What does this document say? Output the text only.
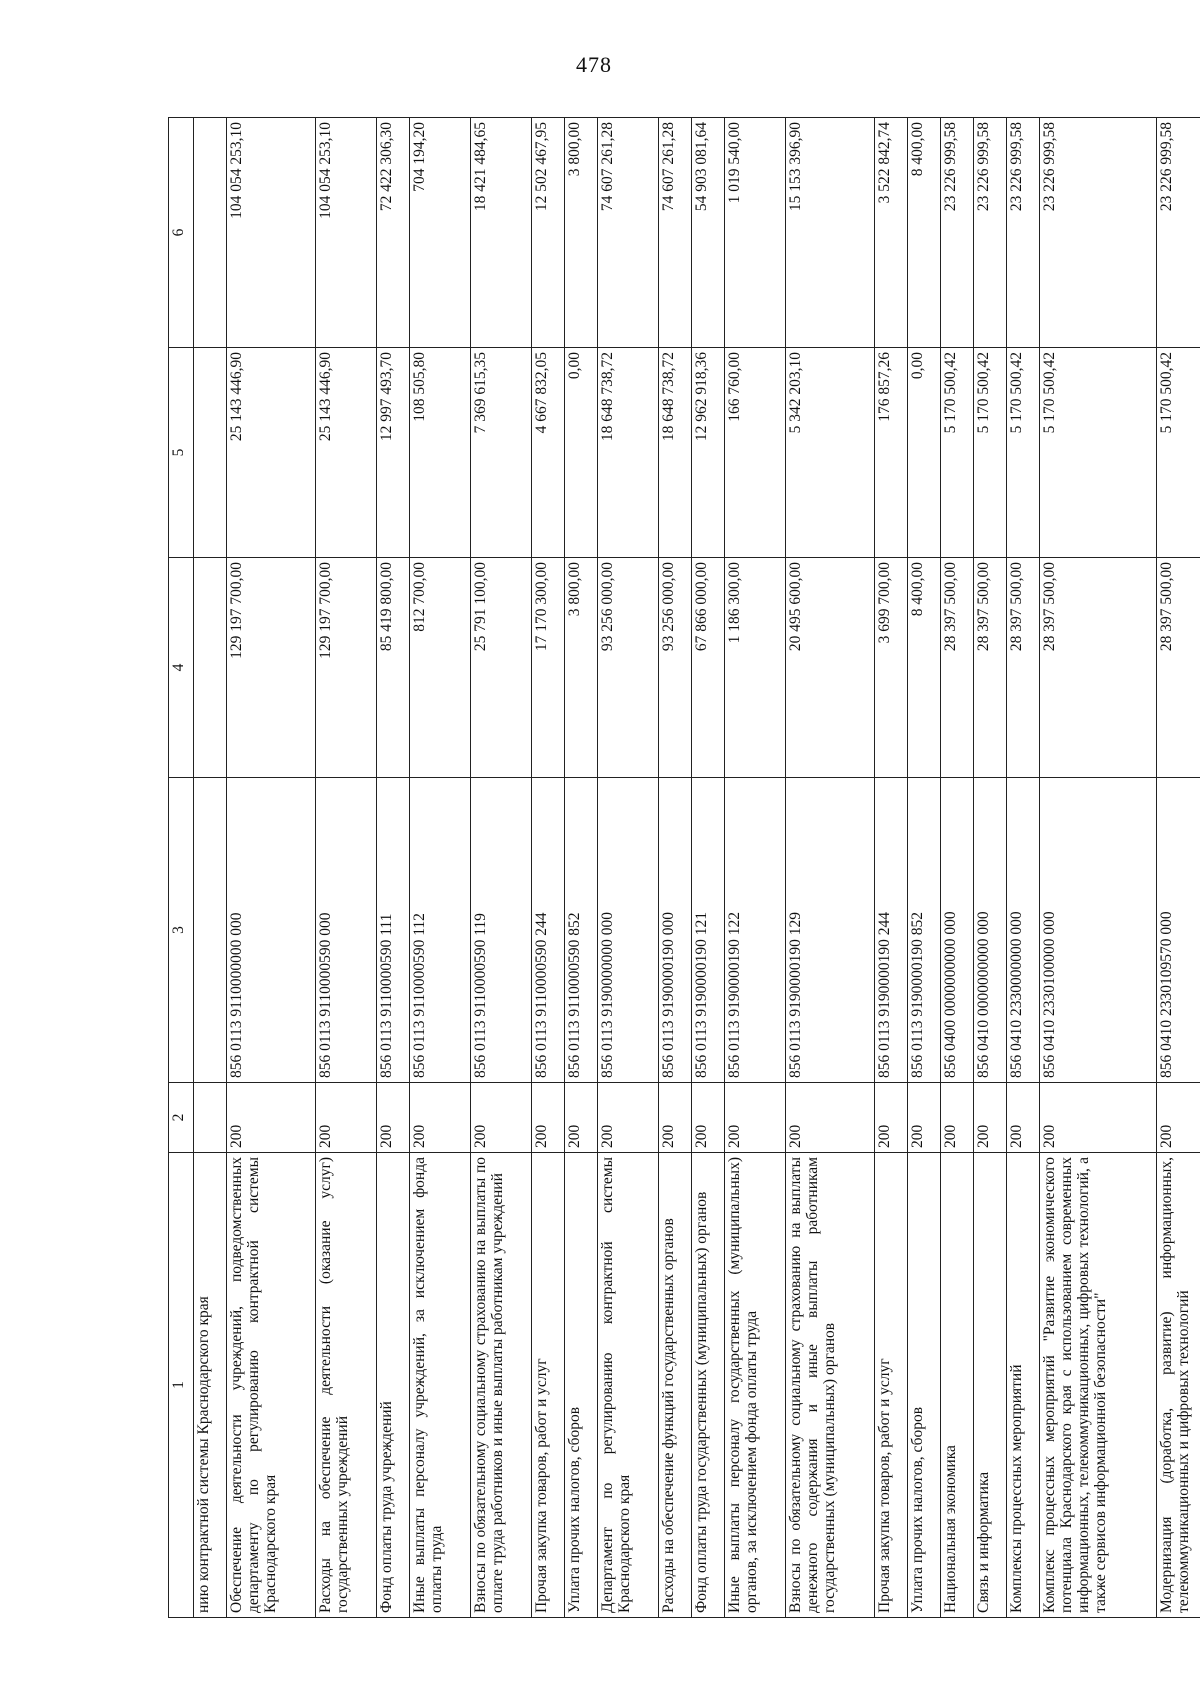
478
1	2	3	4	5	6
нию контрактной системы Краснодарского края					
Обеспечение деятельности учреждений, подведомственных департаменту по регулированию контрактной системы Краснодарского края	200	856 0113 9110000000 000	129 197 700,00	25 143 446,90	104 054 253,10
Расходы на обеспечение деятельности (оказание услуг) государственных учреждений	200	856 0113 9110000590 000	129 197 700,00	25 143 446,90	104 054 253,10
Фонд оплаты труда учреждений	200	856 0113 9110000590 111	85 419 800,00	12 997 493,70	72 422 306,30
Иные выплаты персоналу учреждений, за исключением фонда оплаты труда	200	856 0113 9110000590 112	812 700,00	108 505,80	704 194,20
Взносы по обязательному социальному страхованию на выплаты по оплате труда работников и иные выплаты работникам учреждений	200	856 0113 9110000590 119	25 791 100,00	7 369 615,35	18 421 484,65
Прочая закупка товаров, работ и услуг	200	856 0113 9110000590 244	17 170 300,00	4 667 832,05	12 502 467,95
Уплата прочих налогов, сборов	200	856 0113 9110000590 852	3 800,00	0,00	3 800,00
Департамент по регулированию контрактной системы Краснодарского края	200	856 0113 9190000000 000	93 256 000,00	18 648 738,72	74 607 261,28
Расходы на обеспечение функций государственных органов	200	856 0113 9190000190 000	93 256 000,00	18 648 738,72	74 607 261,28
Фонд оплаты труда государственных (муниципальных) органов	200	856 0113 9190000190 121	67 866 000,00	12 962 918,36	54 903 081,64
Иные выплаты персоналу государственных (муниципальных) органов, за исключением фонда оплаты труда	200	856 0113 9190000190 122	1 186 300,00	166 760,00	1 019 540,00
Взносы по обязательному социальному страхованию на выплаты денежного содержания и иные выплаты работникам государственных (муниципальных) органов	200	856 0113 9190000190 129	20 495 600,00	5 342 203,10	15 153 396,90
Прочая закупка товаров, работ и услуг	200	856 0113 9190000190 244	3 699 700,00	176 857,26	3 522 842,74
Уплата прочих налогов, сборов	200	856 0113 9190000190 852	8 400,00	0,00	8 400,00
Национальная экономика	200	856 0400 0000000000 000	28 397 500,00	5 170 500,42	23 226 999,58
Связь и информатика	200	856 0410 0000000000 000	28 397 500,00	5 170 500,42	23 226 999,58
Комплексы процессных мероприятий	200	856 0410 2330000000 000	28 397 500,00	5 170 500,42	23 226 999,58
Комплекс процессных мероприятий "Развитие экономического потенциала Краснодарского края с использованием современных информационных, телекоммуникационных, цифровых технологий, а также сервисов информационной безопасности"	200	856 0410 2330100000 000	28 397 500,00	5 170 500,42	23 226 999,58
Модернизация (доработка, развитие) информационных, телекоммуникационных и цифровых технологий	200	856 0410 2330109570 000	28 397 500,00	5 170 500,42	23 226 999,58
